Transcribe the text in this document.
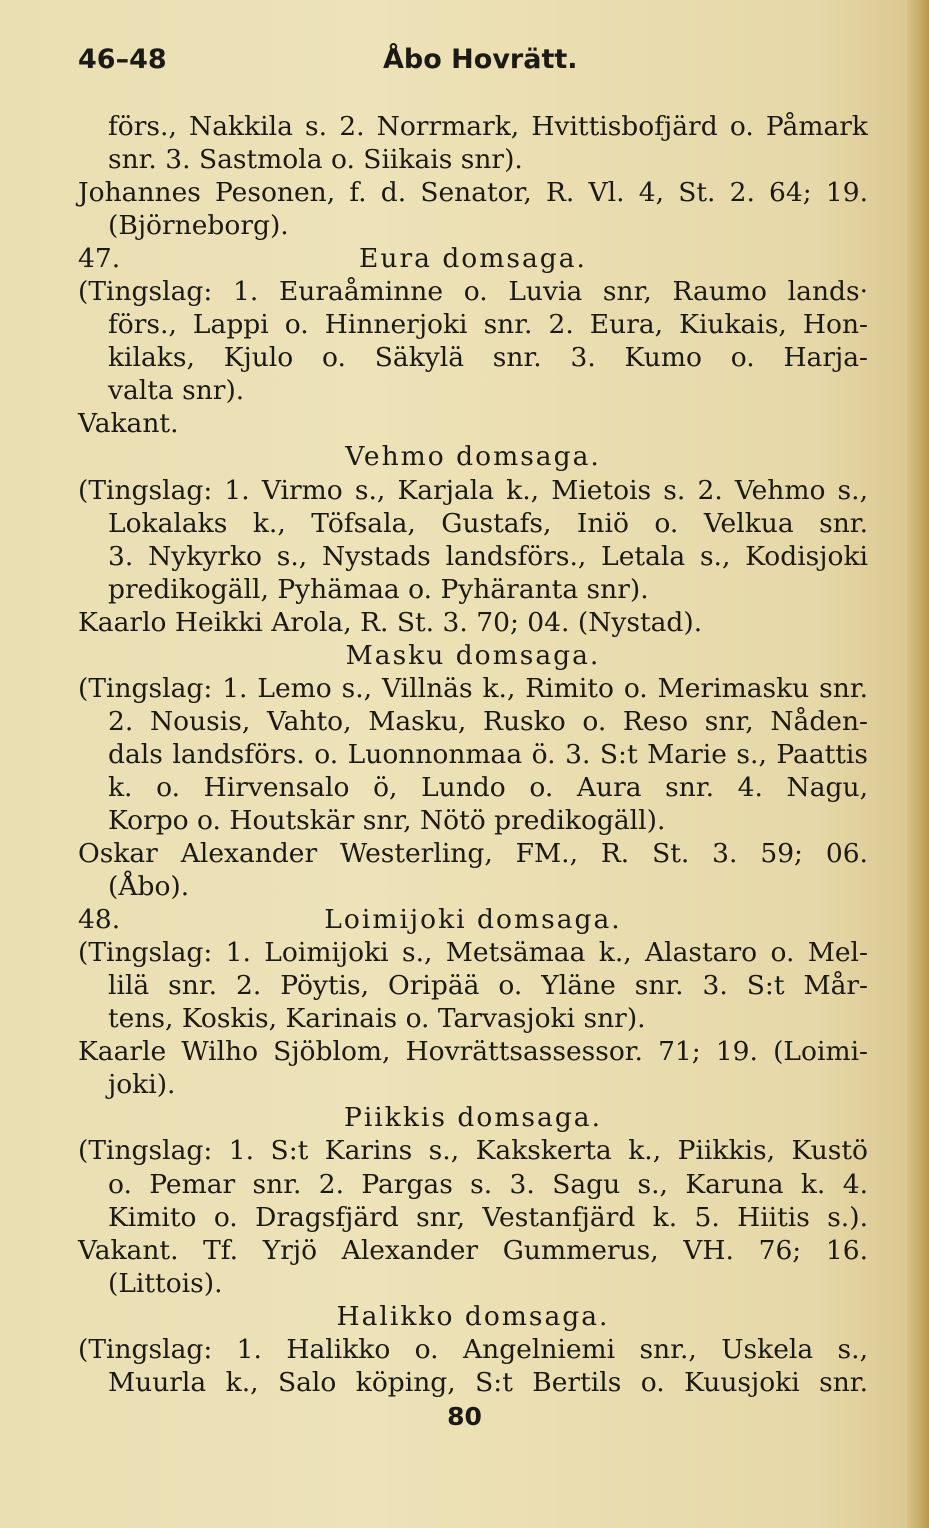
46–48	Åbo Hovrätt.
förs., Nakkila s. 2. Norrmark, Hvittisbofjärd o. Påmark
snr. 3. Sastmola o. Siikais snr).
Johannes Pesonen, f. d. Senator, R. Vl. 4, St. 2. 64; 19.
(Björneborg).
47.	Eura domsaga.
(Tingslag: 1. Euraåminne o. Luvia snr, Raumo lands·
förs., Lappi o. Hinnerjoki snr. 2. Eura, Kiukais, Hon-
kilaks, Kjulo o. Säkylä snr. 3. Kumo o. Harja-
valta snr).
Vakant.
Vehmo domsaga.
(Tingslag: 1. Virmo s., Karjala k., Mietois s. 2. Vehmo s.,
Lokalaks k., Töfsala, Gustafs, Iniö o. Velkua snr.
3. Nykyrko s., Nystads landsförs., Letala s., Kodisjoki
predikogäll, Pyhämaa o. Pyhäranta snr).
Kaarlo Heikki Arola, R. St. 3. 70; 04. (Nystad).
Masku domsaga.
(Tingslag: 1. Lemo s., Villnäs k., Rimito o. Merimasku snr.
2. Nousis, Vahto, Masku, Rusko o. Reso snr, Nåden-
dals landsförs. o. Luonnonmaa ö. 3. S:t Marie s., Paattis
k. o. Hirvensalo ö, Lundo o. Aura snr. 4. Nagu,
Korpo o. Houtskär snr, Nötö predikogäll).
Oskar Alexander Westerling, FM., R. St. 3. 59; 06.
(Åbo).
48.	Loimijoki domsaga.
(Tingslag: 1. Loimijoki s., Metsämaa k., Alastaro o. Mel-
lilä snr. 2. Pöytis, Oripää o. Yläne snr. 3. S:t Mår-
tens, Koskis, Karinais o. Tarvasjoki snr).
Kaarle Wilho Sjöblom, Hovrättsassessor. 71; 19. (Loimi-
joki).
Piikkis domsaga.
(Tingslag: 1. S:t Karins s., Kakskerta k., Piikkis, Kustö
o. Pemar snr. 2. Pargas s. 3. Sagu s., Karuna k. 4.
Kimito o. Dragsfjärd snr, Vestanfjärd k. 5. Hiitis s.).
Vakant. Tf. Yrjö Alexander Gummerus, VH. 76; 16.
(Littois).
Halikko domsaga.
(Tingslag: 1. Halikko o. Angelniemi snr., Uskela s.,
Muurla k., Salo köping, S:t Bertils o. Kuusjoki snr.
80
